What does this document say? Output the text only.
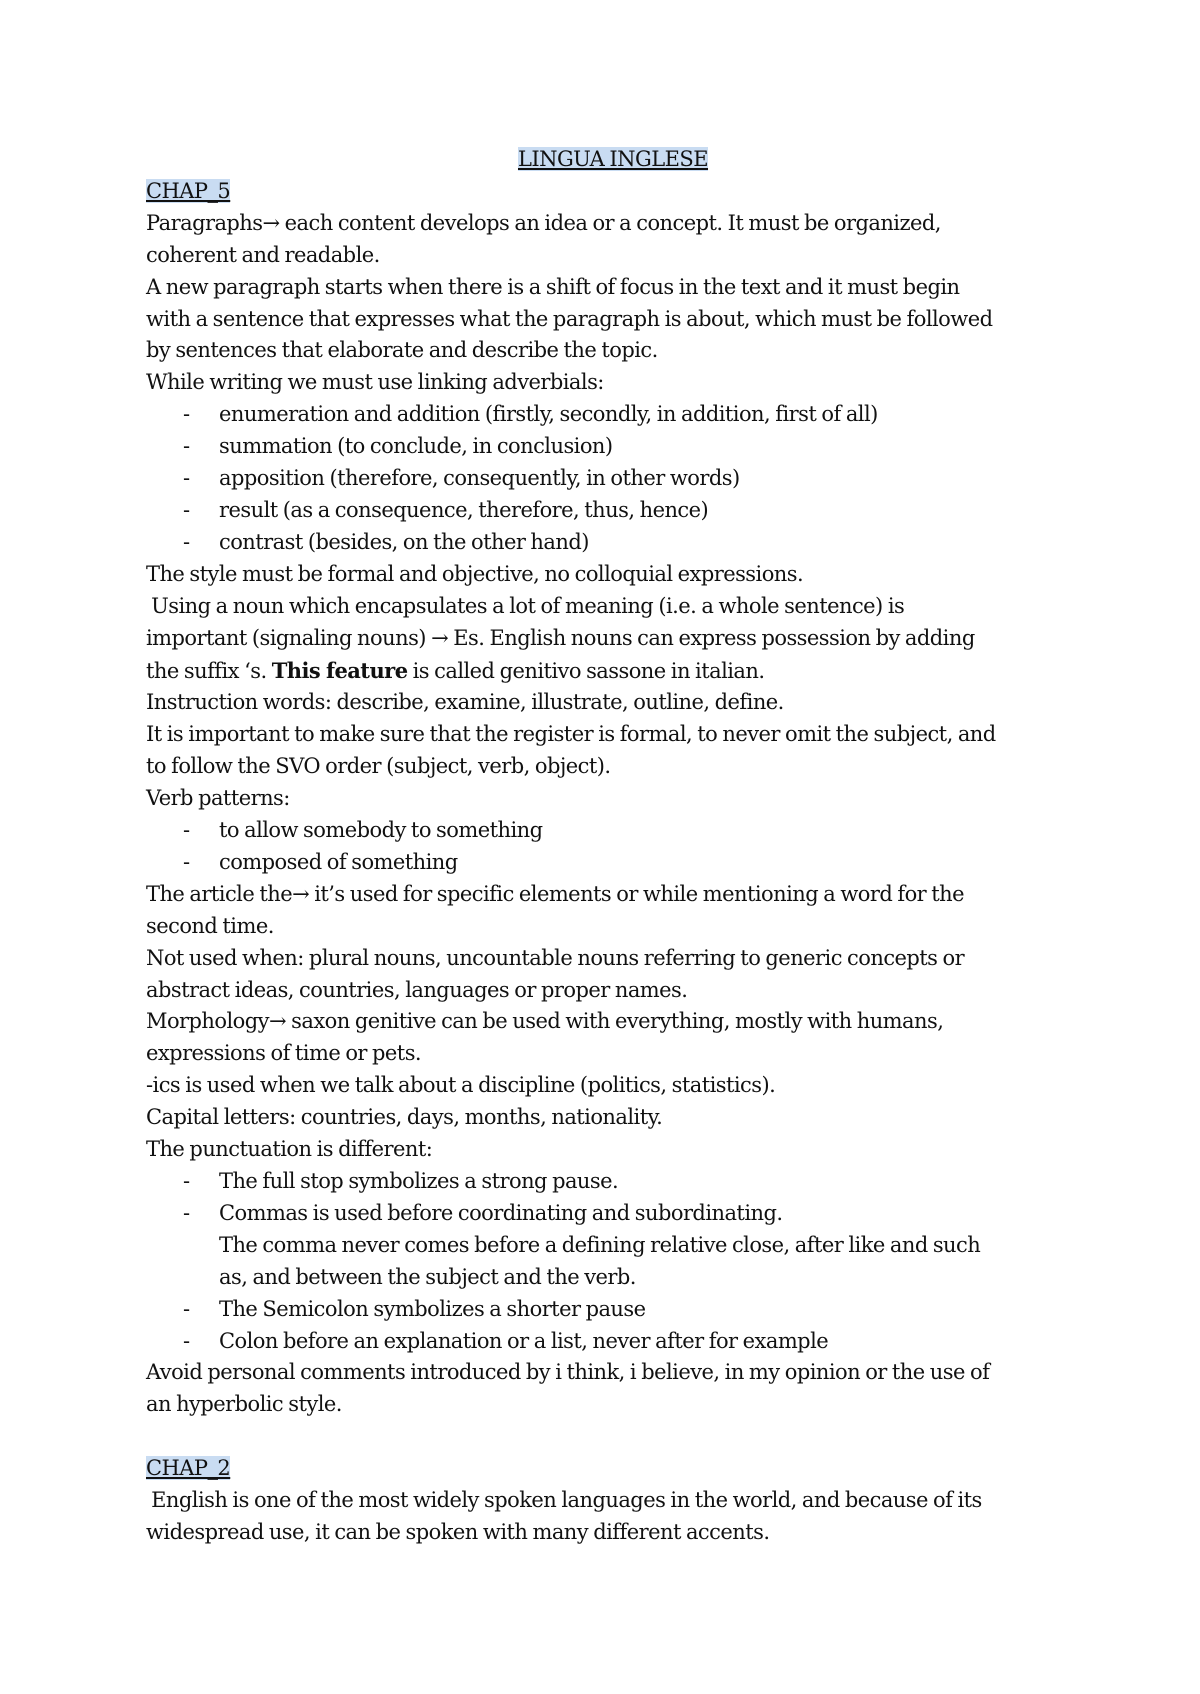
LINGUA INGLESE
CHAP_5
Paragraphs→ each content develops an idea or a concept. It must be organized,
coherent and readable.
A new paragraph starts when there is a shift of focus in the text and it must begin
with a sentence that expresses what the paragraph is about, which must be followed
by sentences that elaborate and describe the topic.
While writing we must use linking adverbials:
- enumeration and addition (firstly, secondly, in addition, first of all)
- summation (to conclude, in conclusion)
- apposition (therefore, consequently, in other words)
- result (as a consequence, therefore, thus, hence)
- contrast (besides, on the other hand)
The style must be formal and objective, no colloquial expressions.
Using a noun which encapsulates a lot of meaning (i.e. a whole sentence) is
important (signaling nouns) → Es. English nouns can express possession by adding
the suffix ‘s. This feature is called genitivo sassone in italian.
Instruction words: describe, examine, illustrate, outline, define.
It is important to make sure that the register is formal, to never omit the subject, and
to follow the SVO order (subject, verb, object).
Verb patterns:
- to allow somebody to something
- composed of something
The article the→ it’s used for specific elements or while mentioning a word for the
second time.
Not used when: plural nouns, uncountable nouns referring to generic concepts or
abstract ideas, countries, languages or proper names.
Morphology→ saxon genitive can be used with everything, mostly with humans,
expressions of time or pets.
-ics is used when we talk about a discipline (politics, statistics).
Capital letters: countries, days, months, nationality.
The punctuation is different:
- The full stop symbolizes a strong pause.
- Commas is used before coordinating and subordinating.
The comma never comes before a defining relative close, after like and such
as, and between the subject and the verb.
- The Semicolon symbolizes a shorter pause
- Colon before an explanation or a list, never after for example
Avoid personal comments introduced by i think, i believe, in my opinion or the use of
an hyperbolic style.
CHAP_2
English is one of the most widely spoken languages in the world, and because of its
widespread use, it can be spoken with many different accents.
